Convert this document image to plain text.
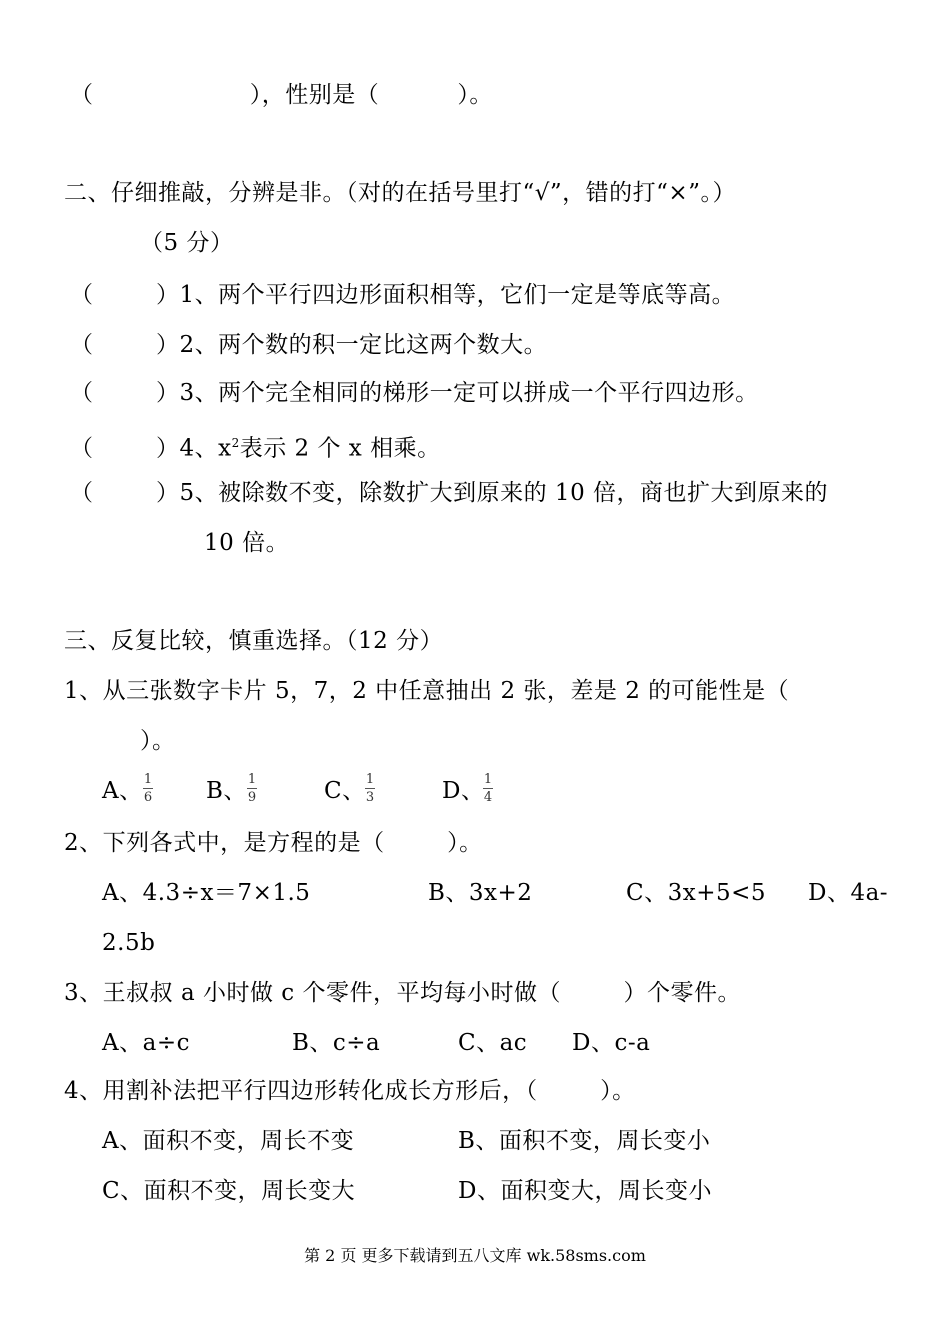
（                    ），性别是（          ）。
二、仔细推敲，分辨是非。（对的在括号里打“√”，错的打“×”。）
（5 分）
（        ）1、两个平行四边形面积相等，它们一定是等底等高。
（        ）2、两个数的积一定比这两个数大。
（        ）3、两个完全相同的梯形一定可以拼成一个平行四边形。
（        ）4、$x^2$表示 2 个 x 相乘。
（        ）5、被除数不变，除数扩大到原来的 10 倍，商也扩大到原来的
10 倍。
三、反复比较，慎重选择。（12 分）
1、从三张数字卡片 5，7，2 中任意抽出 2 张，差是 2 的可能性是（
）。
A、 1
6 B、 1
9	C、 1
3	D、 1
4
2、下列各式中，是方程的是（        ）。
A、4.3÷x＝7×1.5	B、3x+2	C、3x+5<5 D、4a-
2.5b
3、王叔叔 a 小时做 c 个零件，平均每小时做（        ）个零件。
A、a÷c	B、c÷a	C、ac D、c-a
4、用割补法把平行四边形转化成长方形后，（        ）。
A、面积不变，周长不变	B、面积不变，周长变小
C、面积不变，周长变大	D、面积变大，周长变小
第 2 页 更多下载请到五八文库 wk.58sms.com
